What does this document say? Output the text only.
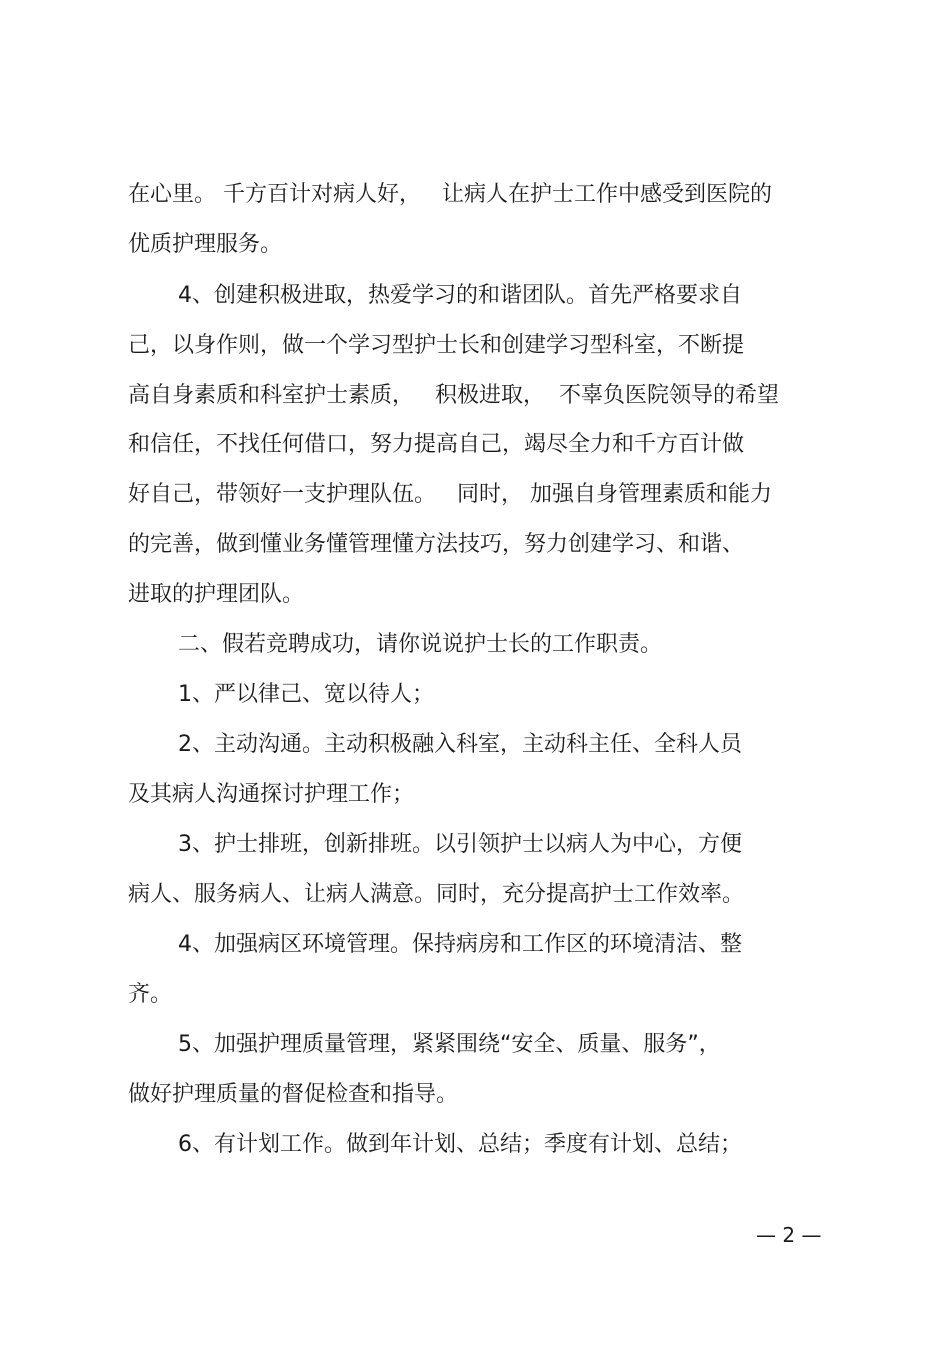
在心里。 千方百计对病人好，   让病人在护士工作中感受到医院的
优质护理服务。
4、创建积极进取，热爱学习的和谐团队。首先严格要求自
己，以身作则，做一个学习型护士长和创建学习型科室，不断提
高自身素质和科室护士素质，   积极进取，  不辜负医院领导的希望
和信任，不找任何借口，努力提高自己，竭尽全力和千方百计做
好自己，带领好一支护理队伍。   同时， 加强自身管理素质和能力
的完善，做到懂业务懂管理懂方法技巧，努力创建学习、和谐、
进取的护理团队。
二、假若竞聘成功，请你说说护士长的工作职责。
1、严以律己、宽以待人；
2、主动沟通。主动积极融入科室，主动科主任、全科人员
及其病人沟通探讨护理工作；
3、护士排班，创新排班。以引领护士以病人为中心，方便
病人、服务病人、让病人满意。同时，充分提高护士工作效率。
4、加强病区环境管理。保持病房和工作区的环境清洁、整
齐。
5、加强护理质量管理，紧紧围绕“安全、质量、服务”，
做好护理质量的督促检查和指导。
6、有计划工作。做到年计划、总结；季度有计划、总结；
— 2 —
